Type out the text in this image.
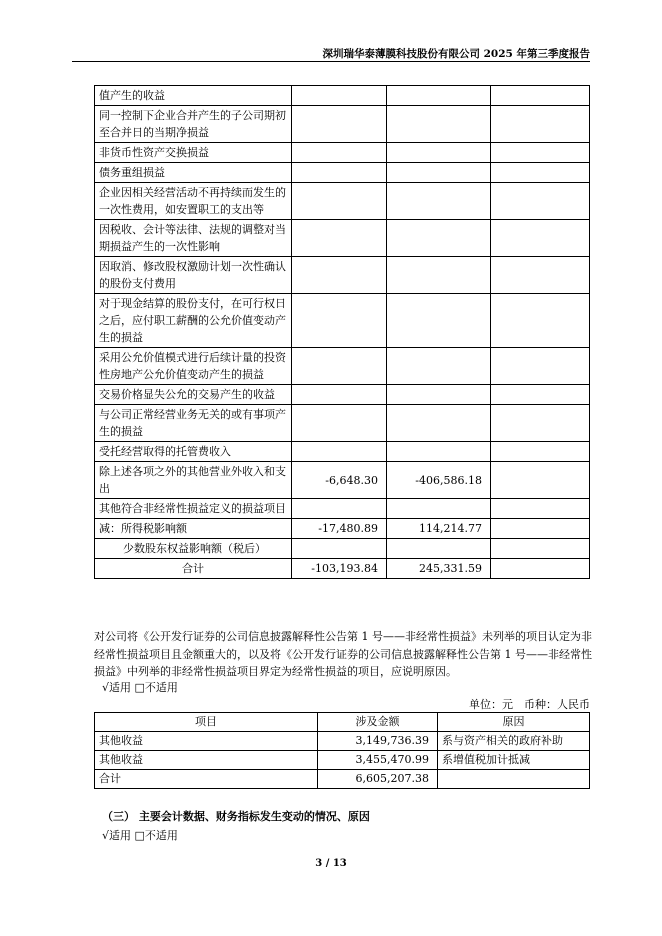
深圳瑞华泰薄膜科技股份有限公司 2025 年第三季度报告
值产生的收益			
同一控制下企业合并产生的子公司期初至合并日的当期净损益			
非货币性资产交换损益			
债务重组损益			
企业因相关经营活动不再持续而发生的一次性费用，如安置职工的支出等			
因税收、会计等法律、法规的调整对当期损益产生的一次性影响			
因取消、修改股权激励计划一次性确认的股份支付费用			
对于现金结算的股份支付，在可行权日之后，应付职工薪酬的公允价值变动产生的损益			
采用公允价值模式进行后续计量的投资性房地产公允价值变动产生的损益			
交易价格显失公允的交易产生的收益			
与公司正常经营业务无关的或有事项产生的损益			
受托经营取得的托管费收入			
除上述各项之外的其他营业外收入和支出	-6,648.30	-406,586.18	
其他符合非经常性损益定义的损益项目			
减：所得税影响额	-17,480.89	114,214.77	
少数股东权益影响额（税后）			
合计	-103,193.84	245,331.59	
对公司将《公开发行证券的公司信息披露解释性公告第 1 号——非经常性损益》未列举的项目认定为非经常性损益项目且金额重大的，以及将《公开发行证券的公司信息披露解释性公告第 1 号——非经常性损益》中列举的非经常性损益项目界定为经常性损益的项目，应说明原因。
√适用 □不适用
单位：元　币种：人民币
项目	涉及金额	原因
其他收益	3,149,736.39	系与资产相关的政府补助
其他收益	3,455,470.99	系增值税加计抵减
合计	6,605,207.38	
（三） 主要会计数据、财务指标发生变动的情况、原因
√适用 □不适用
3 / 13
